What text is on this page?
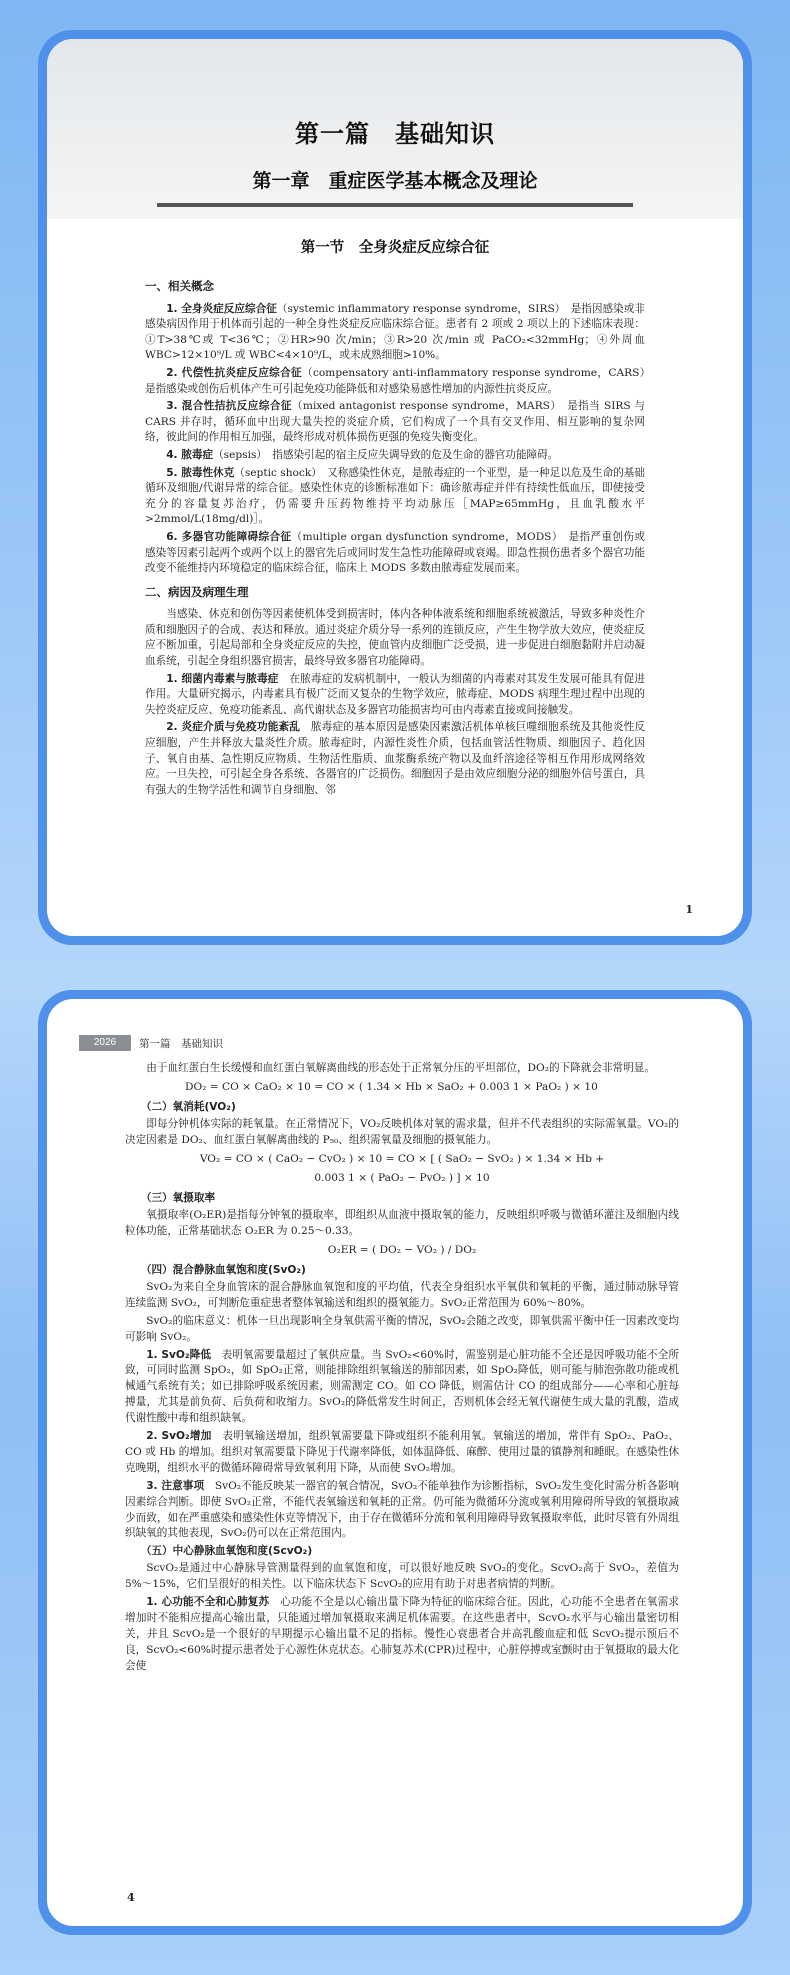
第一篇　基础知识
第一章　重症医学基本概念及理论
第一节　全身炎症反应综合征
一、相关概念

1. 全身炎症反应综合征（systemic inflammatory response syndrome，SIRS）　是指因感染或非感染病因作用于机体而引起的一种全身性炎症反应临床综合征。患者有 2 项或 2 项以上的下述临床表现：①T>38℃或 T<36℃；②HR>90 次/min；③R>20 次/min 或 PaCO₂<32mmHg；④外周血 WBC>12×10⁹/L 或 WBC<4×10⁹/L，或未成熟细胞>10%。

2. 代偿性抗炎症反应综合征（compensatory anti-inflammatory response syndrome，CARS）　是指感染或创伤后机体产生可引起免疫功能降低和对感染易感性增加的内源性抗炎反应。

3. 混合性拮抗反应综合征（mixed antagonist response syndrome，MARS）　是指当 SIRS 与 CARS 并存时，循环血中出现大量失控的炎症介质，它们构成了一个具有交叉作用、相互影响的复杂网络，彼此间的作用相互加强，最终形成对机体损伤更强的免疫失衡变化。

4. 脓毒症（sepsis）　指感染引起的宿主反应失调导致的危及生命的器官功能障碍。

5. 脓毒性休克（septic shock）　又称感染性休克，是脓毒症的一个亚型，是一种足以危及生命的基础循环及细胞/代谢异常的综合征。感染性休克的诊断标准如下：确诊脓毒症并伴有持续性低血压，即使接受充分的容量复苏治疗，仍需要升压药物维持平均动脉压［MAP≥65mmHg，且血乳酸水平 >2mmol/L(18mg/dl)］。

6. 多器官功能障碍综合征（multiple organ dysfunction syndrome，MODS）　是指严重创伤或感染等因素引起两个或两个以上的器官先后或同时发生急性功能障碍或衰竭。即急性损伤患者多个器官功能改变不能维持内环境稳定的临床综合征，临床上 MODS 多数由脓毒症发展而来。

二、病因及病理生理

当感染、休克和创伤等因素使机体受到损害时，体内各种体液系统和细胞系统被激活，导致多种炎性介质和细胞因子的合成、表达和释放。通过炎症介质分导一系列的连锁反应，产生生物学放大效应，使炎症反应不断加重，引起局部和全身炎症反应的失控，使血管内皮细胞广泛受损，进一步促进白细胞黏附并启动凝血系统，引起全身组织器官损害，最终导致多器官功能障碍。

1. 细菌内毒素与脓毒症　在脓毒症的发病机制中，一般认为细菌的内毒素对其发生发展可能具有促进作用。大量研究揭示，内毒素具有极广泛而又复杂的生物学效应，脓毒症、MODS 病理生理过程中出现的失控炎症反应、免疫功能紊乱、高代谢状态及多器官功能损害均可由内毒素直接或间接触发。

2. 炎症介质与免疫功能紊乱　脓毒症的基本原因是感染因素激活机体单核巨噬细胞系统及其他炎性反应细胞，产生并释放大量炎性介质。脓毒症时，内源性炎性介质，包括血管活性物质、细胞因子、趋化因子、氧自由基、急性期反应物质、生物活性脂质、血浆酶系统产物以及血纤溶途径等相互作用形成网络效应。一旦失控，可引起全身各系统、各器官的广泛损伤。细胞因子是由效应细胞分泌的细胞外信号蛋白，具有强大的生物学活性和调节自身细胞、邻

1
2026	第一篇　基础知识

由于血红蛋白生长缓慢和血红蛋白氧解离曲线的形态处于正常氧分压的平坦部位，DO₂的下降就会非常明显。

DO₂ = CO × CaO₂ × 10 = CO × ( 1.34 × Hb × SaO₂ + 0.003 1 × PaO₂ ) × 10

（二）氧消耗(VO₂)

即每分钟机体实际的耗氧量。在正常情况下，VO₂反映机体对氧的需求量，但并不代表组织的实际需氧量。VO₂的决定因素是 DO₂、血红蛋白氧解离曲线的 P₅₀、组织需氧量及细胞的摄氧能力。

VO₂ = CO × ( CaO₂ − CvO₂ ) × 10 = CO × [ ( SaO₂ − SvO₂ ) × 1.34 × Hb +

0.003 1 × ( PaO₂ − PvO₂ ) ] × 10

（三）氧摄取率

氧摄取率(O₂ER)是指每分钟氧的摄取率，即组织从血液中摄取氧的能力，反映组织呼吸与微循环灌注及细胞内线粒体功能，正常基础状态 O₂ER 为 0.25～0.33。

O₂ER = ( DO₂ − VO₂ ) / DO₂

（四）混合静脉血氧饱和度(SvO₂)

SvO₂为来自全身血管床的混合静脉血氧饱和度的平均值，代表全身组织水平氧供和氧耗的平衡，通过肺动脉导管连续监测 SvO₂，可判断危重症患者整体氧输送和组织的摄氧能力。SvO₂正常范围为 60%～80%。

SvO₂的临床意义：机体一旦出现影响全身氧供需平衡的情况，SvO₂会随之改变，即氧供需平衡中任一因素改变均可影响 SvO₂。

1. SvO₂降低　表明氧需要量超过了氧供应量。当 SvO₂<60%时，需鉴别是心脏功能不全还是因呼吸功能不全所致，可同时监测 SpO₂，如 SpO₂正常，则能排除组织氧输送的肺部因素，如 SpO₂降低，则可能与肺泡弥散功能或机械通气系统有关；如已排除呼吸系统因素，则需测定 CO。如 CO 降低，则需估计 CO 的组成部分——心率和心脏每搏量，尤其是前负荷、后负荷和收缩力。SvO₂的降低常发生时间正，否则机体会经无氧代谢使生成大量的乳酸，造成代谢性酸中毒和组织缺氧。

2. SvO₂增加　表明氧输送增加，组织氧需要量下降或组织不能利用氧。氧输送的增加，常伴有 SpO₂、PaO₂、CO 或 Hb 的增加。组织对氧需要量下降见于代谢率降低，如体温降低、麻醉、使用过量的镇静剂和睡眠。在感染性休克晚期，组织水平的微循环障碍常导致氧利用下降，从而使 SvO₂增加。

3. 注意事项　SvO₂不能反映某一器官的氧合情况，SvO₂不能单独作为诊断指标，SvO₂发生变化时需分析各影响因素综合判断。即使 SvO₂正常，不能代表氧输送和氧耗的正常。仍可能为微循环分流或氧利用障碍所导致的氧摄取减少而致，如在严重感染和感染性休克等情况下，由于存在微循环分流和氧利用障碍导致氧摄取率低，此时尽管有外周组织缺氧的其他表现，SvO₂仍可以在正常范围内。

（五）中心静脉血氧饱和度(ScvO₂)

ScvO₂是通过中心静脉导管测量得到的血氧饱和度，可以很好地反映 SvO₂的变化。ScvO₂高于 SvO₂，差值为 5%～15%，它们呈很好的相关性。以下临床状态下 ScvO₂的应用有助于对患者病情的判断。

1. 心功能不全和心肺复苏　心功能不全是以心输出量下降为特征的临床综合征。因此，心功能不全患者在氧需求增加时不能相应提高心输出量，只能通过增加氧摄取来满足机体需要。在这些患者中，ScvO₂水平与心输出量密切相关，并且 ScvO₂是一个很好的早期提示心输出量不足的指标。慢性心衰患者合并高乳酸血症和低 ScvO₂提示预后不良，ScvO₂<60%时提示患者处于心源性休克状态。心肺复苏术(CPR)过程中，心脏停搏或室颤时由于氧摄取的最大化会使

4
